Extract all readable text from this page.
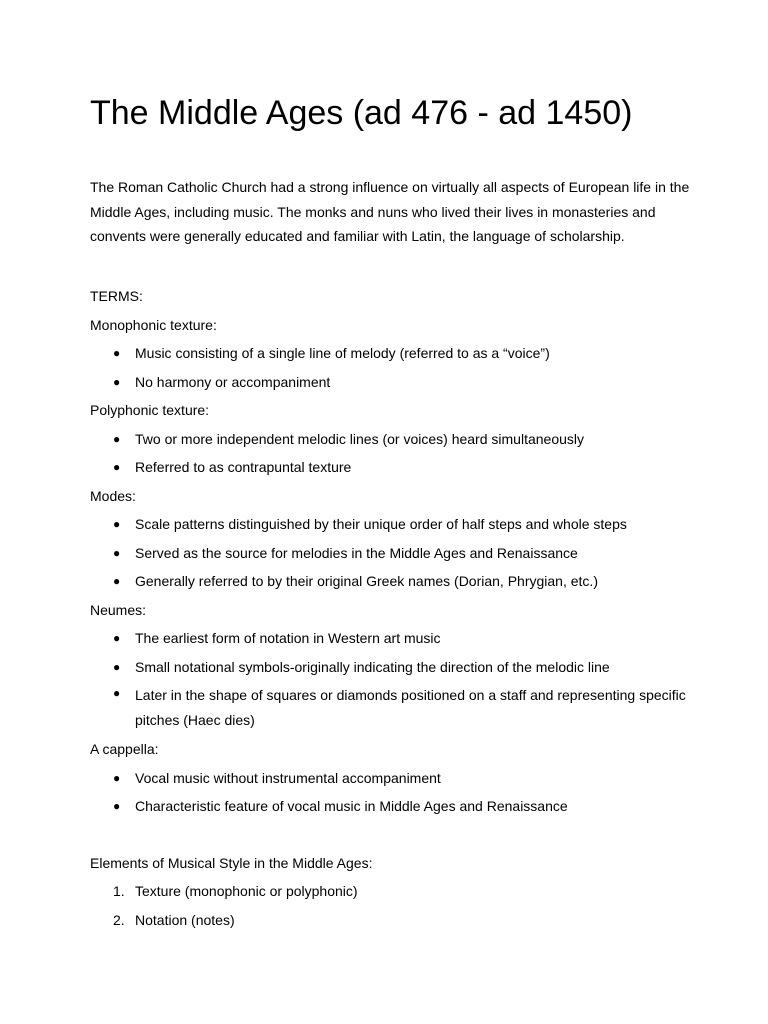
The Middle Ages (ad 476 - ad 1450)

The Roman Catholic Church had a strong influence on virtually all aspects of European life in the Middle Ages, including music. The monks and nuns who lived their lives in monasteries and convents were generally educated and familiar with Latin, the language of scholarship.

TERMS:

Monophonic texture:

● Music consisting of a single line of melody (referred to as a “voice”)
● No harmony or accompaniment

Polyphonic texture:

● Two or more independent melodic lines (or voices) heard simultaneously
● Referred to as contrapuntal texture

Modes:

● Scale patterns distinguished by their unique order of half steps and whole steps
● Served as the source for melodies in the Middle Ages and Renaissance
● Generally referred to by their original Greek names (Dorian, Phrygian, etc.)

Neumes:

● The earliest form of notation in Western art music
● Small notational symbols-originally indicating the direction of the melodic line
● Later in the shape of squares or diamonds positioned on a staff and representing specific pitches (Haec dies)

A cappella:

● Vocal music without instrumental accompaniment
● Characteristic feature of vocal music in Middle Ages and Renaissance

Elements of Musical Style in the Middle Ages:

1. Texture (monophonic or polyphonic)
2. Notation (notes)
